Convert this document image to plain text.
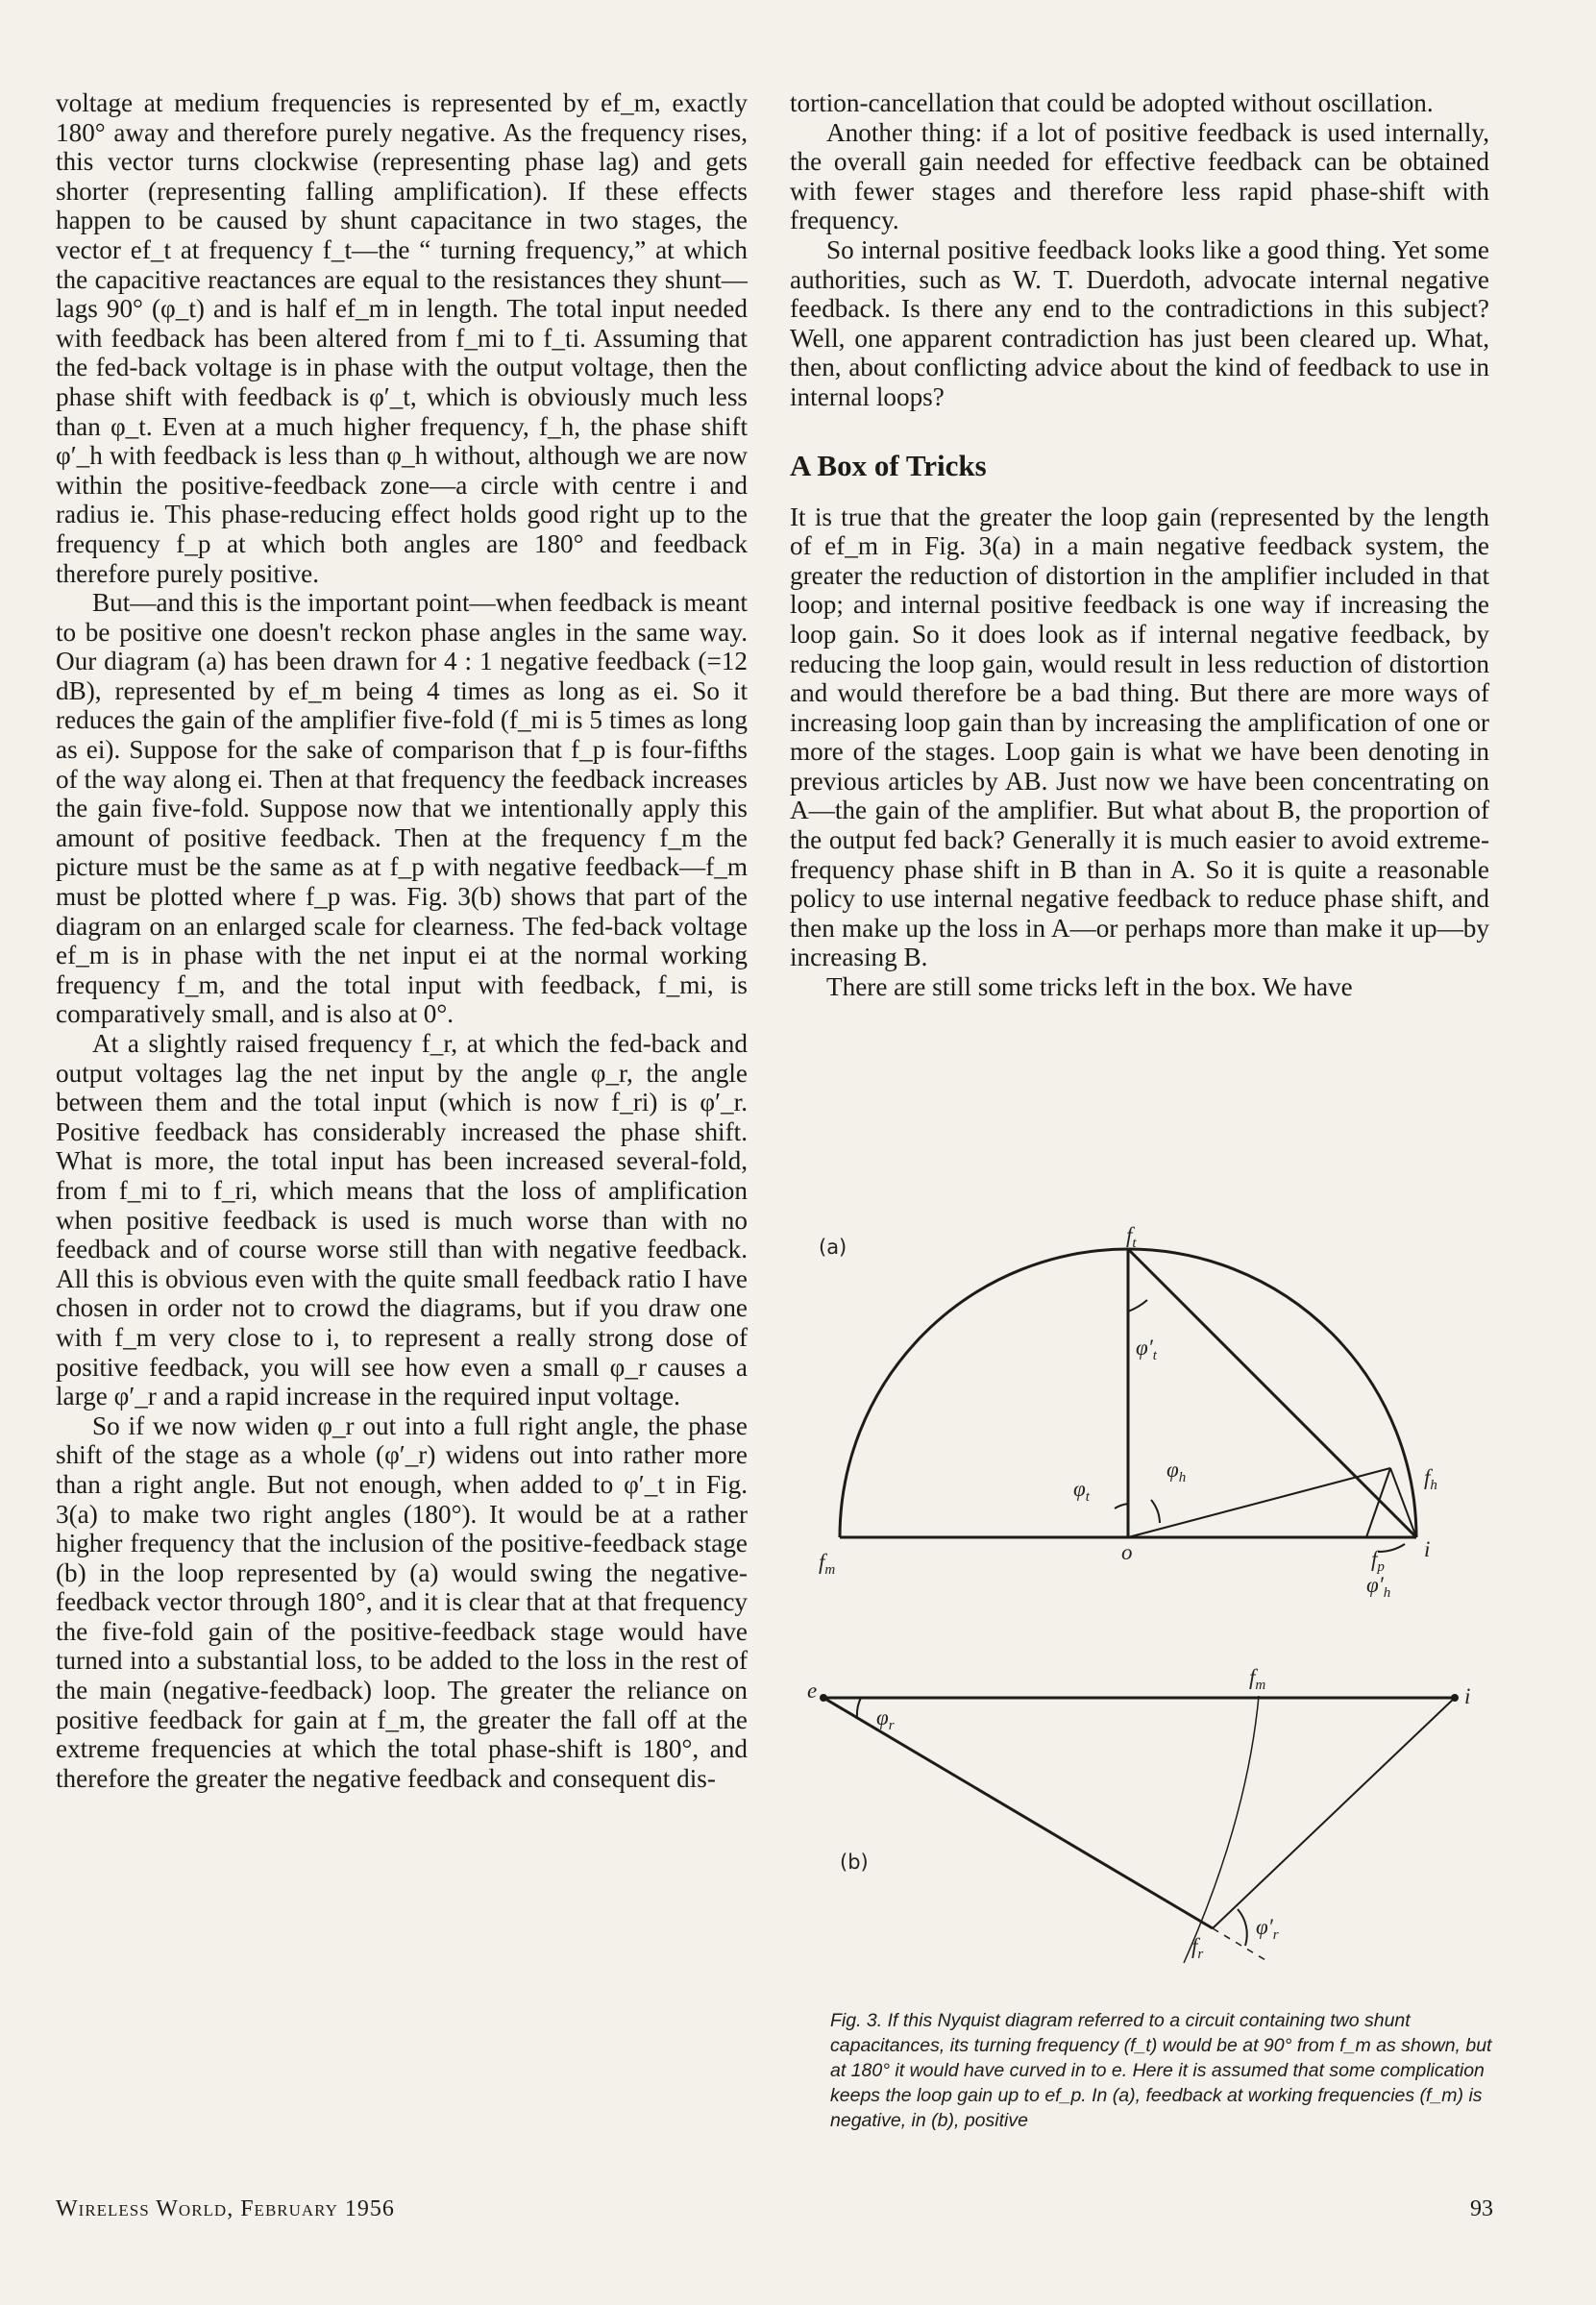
voltage at medium frequencies is represented by ef_m, exactly 180° away and therefore purely negative. As the frequency rises, this vector turns clockwise (representing phase lag) and gets shorter (representing falling amplification). If these effects happen to be caused by shunt capacitance in two stages, the vector ef_t at frequency f_t—the “ turning frequency,” at which the capacitive reactances are equal to the resistances they shunt—lags 90° (φ_t) and is half ef_m in length. The total input needed with feedback has been altered from f_mi to f_ti. Assuming that the fed-back voltage is in phase with the output voltage, then the phase shift with feedback is φ′_t, which is obviously much less than φ_t. Even at a much higher frequency, f_h, the phase shift φ′_h with feedback is less than φ_h without, although we are now within the positive-feedback zone—a circle with centre i and radius ie. This phase-reducing effect holds good right up to the frequency f_p at which both angles are 180° and feedback therefore purely positive.

But—and this is the important point—when feedback is meant to be positive one doesn't reckon phase angles in the same way. Our diagram (a) has been drawn for 4 : 1 negative feedback (=12 dB), represented by ef_m being 4 times as long as ei. So it reduces the gain of the amplifier five-fold (f_mi is 5 times as long as ei). Suppose for the sake of comparison that f_p is four-fifths of the way along ei. Then at that frequency the feedback increases the gain five-fold. Suppose now that we intentionally apply this amount of positive feedback. Then at the frequency f_m the picture must be the same as at f_p with negative feedback—f_m must be plotted where f_p was. Fig. 3(b) shows that part of the diagram on an enlarged scale for clearness. The fed-back voltage ef_m is in phase with the net input ei at the normal working frequency f_m, and the total input with feedback, f_mi, is comparatively small, and is also at 0°.

At a slightly raised frequency f_r, at which the fed-back and output voltages lag the net input by the angle φ_r, the angle between them and the total input (which is now f_ri) is φ′_r. Positive feedback has considerably increased the phase shift. What is more, the total input has been increased several-fold, from f_mi to f_ri, which means that the loss of amplification when positive feedback is used is much worse than with no feedback and of course worse still than with negative feedback. All this is obvious even with the quite small feedback ratio I have chosen in order not to crowd the diagrams, but if you draw one with f_m very close to i, to represent a really strong dose of positive feedback, you will see how even a small φ_r causes a large φ′_r and a rapid increase in the required input voltage.

So if we now widen φ_r out into a full right angle, the phase shift of the stage as a whole (φ′_r) widens out into rather more than a right angle. But not enough, when added to φ′_t in Fig. 3(a) to make two right angles (180°). It would be at a rather higher frequency that the inclusion of the positive-feedback stage (b) in the loop represented by (a) would swing the negative-feedback vector through 180°, and it is clear that at that frequency the five-fold gain of the positive-feedback stage would have turned into a substantial loss, to be added to the loss in the rest of the main (negative-feedback) loop. The greater the reliance on positive feedback for gain at f_m, the greater the fall off at the extreme frequencies at which the total phase-shift is 180°, and therefore the greater the negative feedback and consequent dis-

tortion-cancellation that could be adopted without oscillation.

Another thing: if a lot of positive feedback is used internally, the overall gain needed for effective feedback can be obtained with fewer stages and therefore less rapid phase-shift with frequency.

So internal positive feedback looks like a good thing. Yet some authorities, such as W. T. Duerdoth, advocate internal negative feedback. Is there any end to the contradictions in this subject? Well, one apparent contradiction has just been cleared up. What, then, about conflicting advice about the kind of feedback to use in internal loops?

A Box of Tricks

It is true that the greater the loop gain (represented by the length of ef_m in Fig. 3(a) in a main negative feedback system, the greater the reduction of distortion in the amplifier included in that loop; and internal positive feedback is one way if increasing the loop gain. So it does look as if internal negative feedback, by reducing the loop gain, would result in less reduction of distortion and would therefore be a bad thing. But there are more ways of increasing loop gain than by increasing the amplification of one or more of the stages. Loop gain is what we have been denoting in previous articles by AB. Just now we have been concentrating on A—the gain of the amplifier. But what about B, the proportion of the output fed back? Generally it is much easier to avoid extreme-frequency phase shift in B than in A. So it is quite a reasonable policy to use internal negative feedback to reduce phase shift, and then make up the loss in A—or perhaps more than make it up—by increasing B.

There are still some tricks left in the box. We have

(a)	$f_t$
$f_m$
$f_h$
$f_p$
i
o
$\varphi_t$
$\varphi'_t$
$\varphi_h$
$\varphi'_h$
(b)
e	i
$f_m$
$f_r$
$\varphi_r$
$\varphi'_r$
Fig. 3. If this Nyquist diagram referred to a circuit containing two shunt capacitances, its turning frequency (f_t) would be at 90° from f_m as shown, but at 180° it would have curved in to e. Here it is assumed that some complication keeps the loop gain up to ef_p. In (a), feedback at working frequencies (f_m) is negative, in (b), positive
Wireless World, February 1956	93
